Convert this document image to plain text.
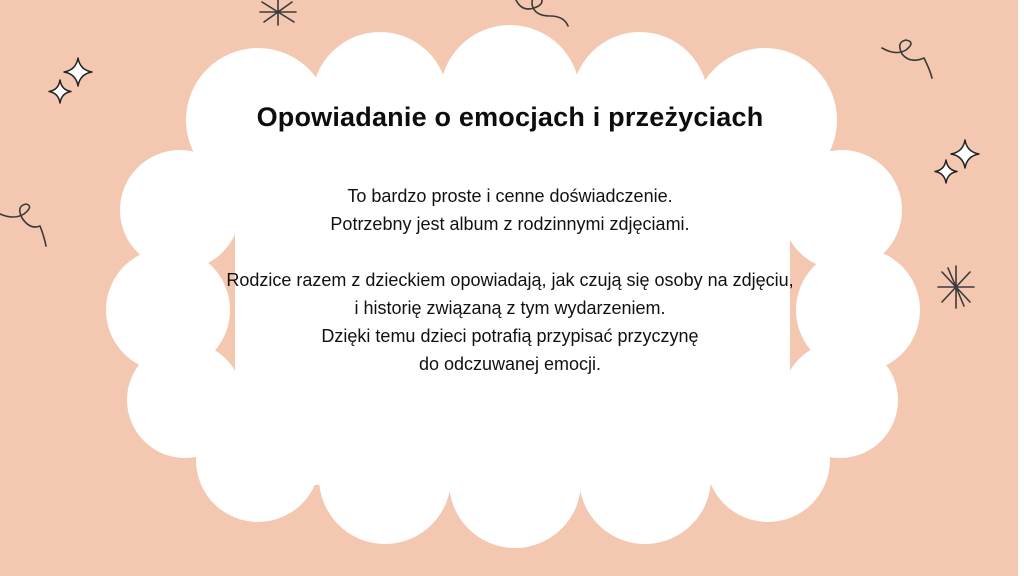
Opowiadanie o emocjach i przeżyciach

To bardzo proste i cenne doświadczenie.
Potrzebny jest album z rodzinnymi zdjęciami.

Rodzice razem z dzieckiem opowiadają, jak czują się osoby na zdjęciu,
i historię związaną z tym wydarzeniem.
Dzięki temu dzieci potrafią przypisać przyczynę
do odczuwanej emocji.
